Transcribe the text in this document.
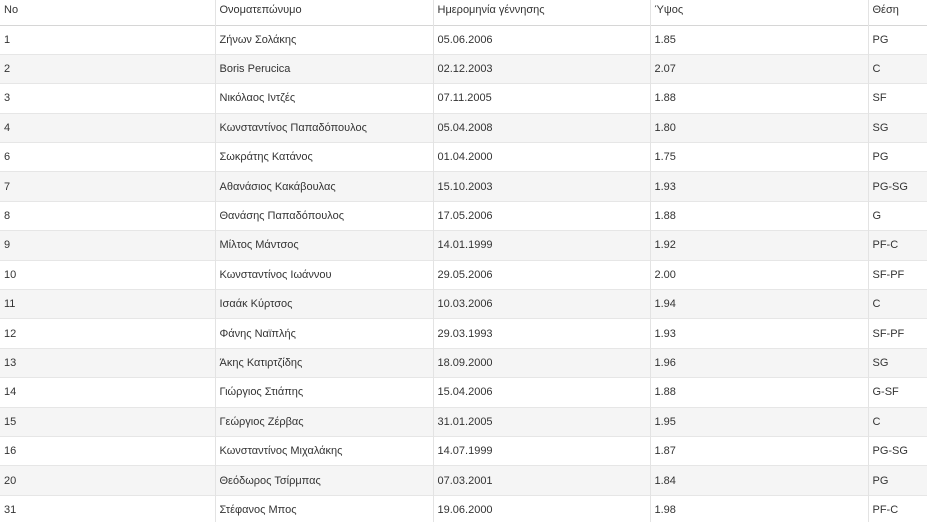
No	Ονοματεπώνυμο	Ημερομηνία γέννησης	Ύψος	Θέση
1	Ζήνων Σολάκης	05.06.2006	1.85	PG
2	Boris Perucica	02.12.2003	2.07	C
3	Νικόλαος Ιντζές	07.11.2005	1.88	SF
4	Κωνσταντίνος Παπαδόπουλος	05.04.2008	1.80	SG
6	Σωκράτης Κατάνος	01.04.2000	1.75	PG
7	Αθανάσιος Κακάβουλας	15.10.2003	1.93	PG-SG
8	Θανάσης Παπαδόπουλος	17.05.2006	1.88	G
9	Μίλτος Μάντσος	14.01.1999	1.92	PF-C
10	Κωνσταντίνος Ιωάννου	29.05.2006	2.00	SF-PF
11	Ισαάκ Κύρτσος	10.03.2006	1.94	C
12	Φάνης Ναϊπλής	29.03.1993	1.93	SF-PF
13	Άκης Κατιρτζίδης	18.09.2000	1.96	SG
14	Γιώργιος Στιάπης	15.04.2006	1.88	G-SF
15	Γεώργιος Ζέρβας	31.01.2005	1.95	C
16	Κωνσταντίνος Μιχαλάκης	14.07.1999	1.87	PG-SG
20	Θεόδωρος Τσίρμπας	07.03.2001	1.84	PG
31	Στέφανος Μπος	19.06.2000	1.98	PF-C
